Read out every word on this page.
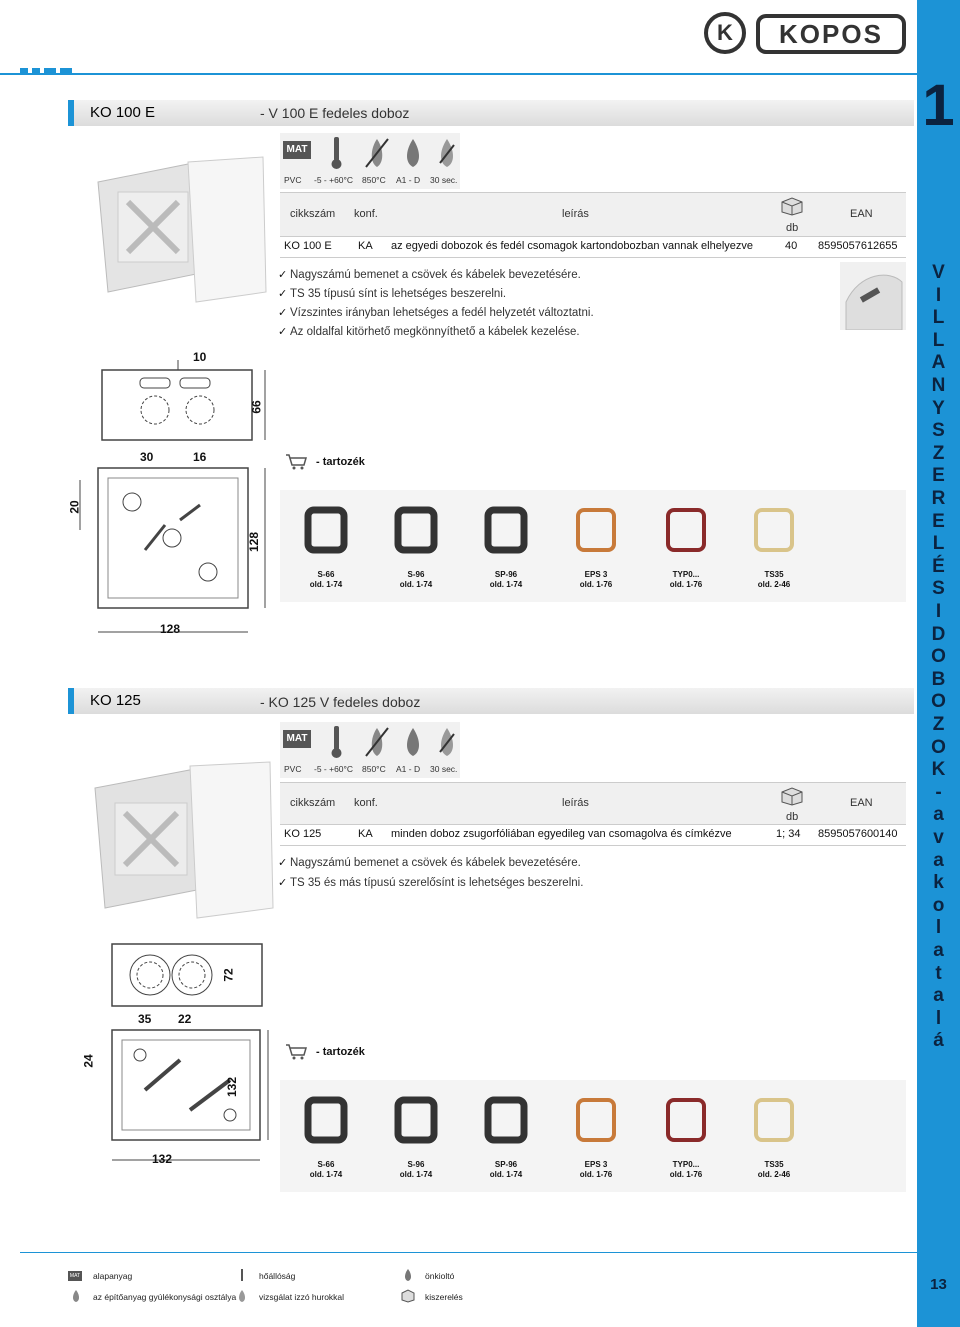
K	KOPOS
1
V
I
L
L
A
N
Y
S
Z
E
R
E
L
É
S
I
D
O
B
O
Z
O
K
-
a
v
a
k
o
l
a
t
a
l
á
13
KO 100 E	- V 100 E fedeles doboz
10
66
30	16
20
128
128
MAT
PVC -5 - +60°C 850°C A1 - D 30 sec.
cikkszám konf.	leírás
db
EAN
KO 100 E KA az egyedi dobozok és fedél csomagok kartondobozban vannak elhelyezve	40 8595057612655
✓ Nagyszámú bemenet a csövek és kábelek bevezetésére.
✓ TS 35 típusú sínt is lehetséges beszerelni.
✓ Vízszintes irányban lehetséges a fedél helyzetét változtatni.
✓ Az oldalfal kitörhető megkönnyíthető a kábelek kezelése.
- tartozék
S-66
old. 1-74
S-96
old. 1-74
SP-96
old. 1-74
EPS 3
old. 1-76
TYP0...
old. 1-76
TS35
old. 2-46
KO 125	- KO 125 V fedeles doboz
72
35 22
24
132
132
MAT
PVC -5 - +60°C 850°C A1 - D 30 sec.
cikkszám konf.	leírás
db
EAN
KO 125	KA minden doboz zsugorfóliában egyedileg van csomagolva és címkézve	1; 34 8595057600140
✓ Nagyszámú bemenet a csövek és kábelek bevezetésére.
✓ TS 35 és más típusú szerelősínt is lehetséges beszerelni.
- tartozék
S-66
old. 1-74
S-96
old. 1-74
SP-96
old. 1-74
EPS 3
old. 1-76
TYP0...
old. 1-76
TS35
old. 2-46
MAT alapanyag	hőállóság	önkioltó
az építőanyag gyúlékonysági osztálya	vizsgálat izzó hurokkal	kiszerelés
